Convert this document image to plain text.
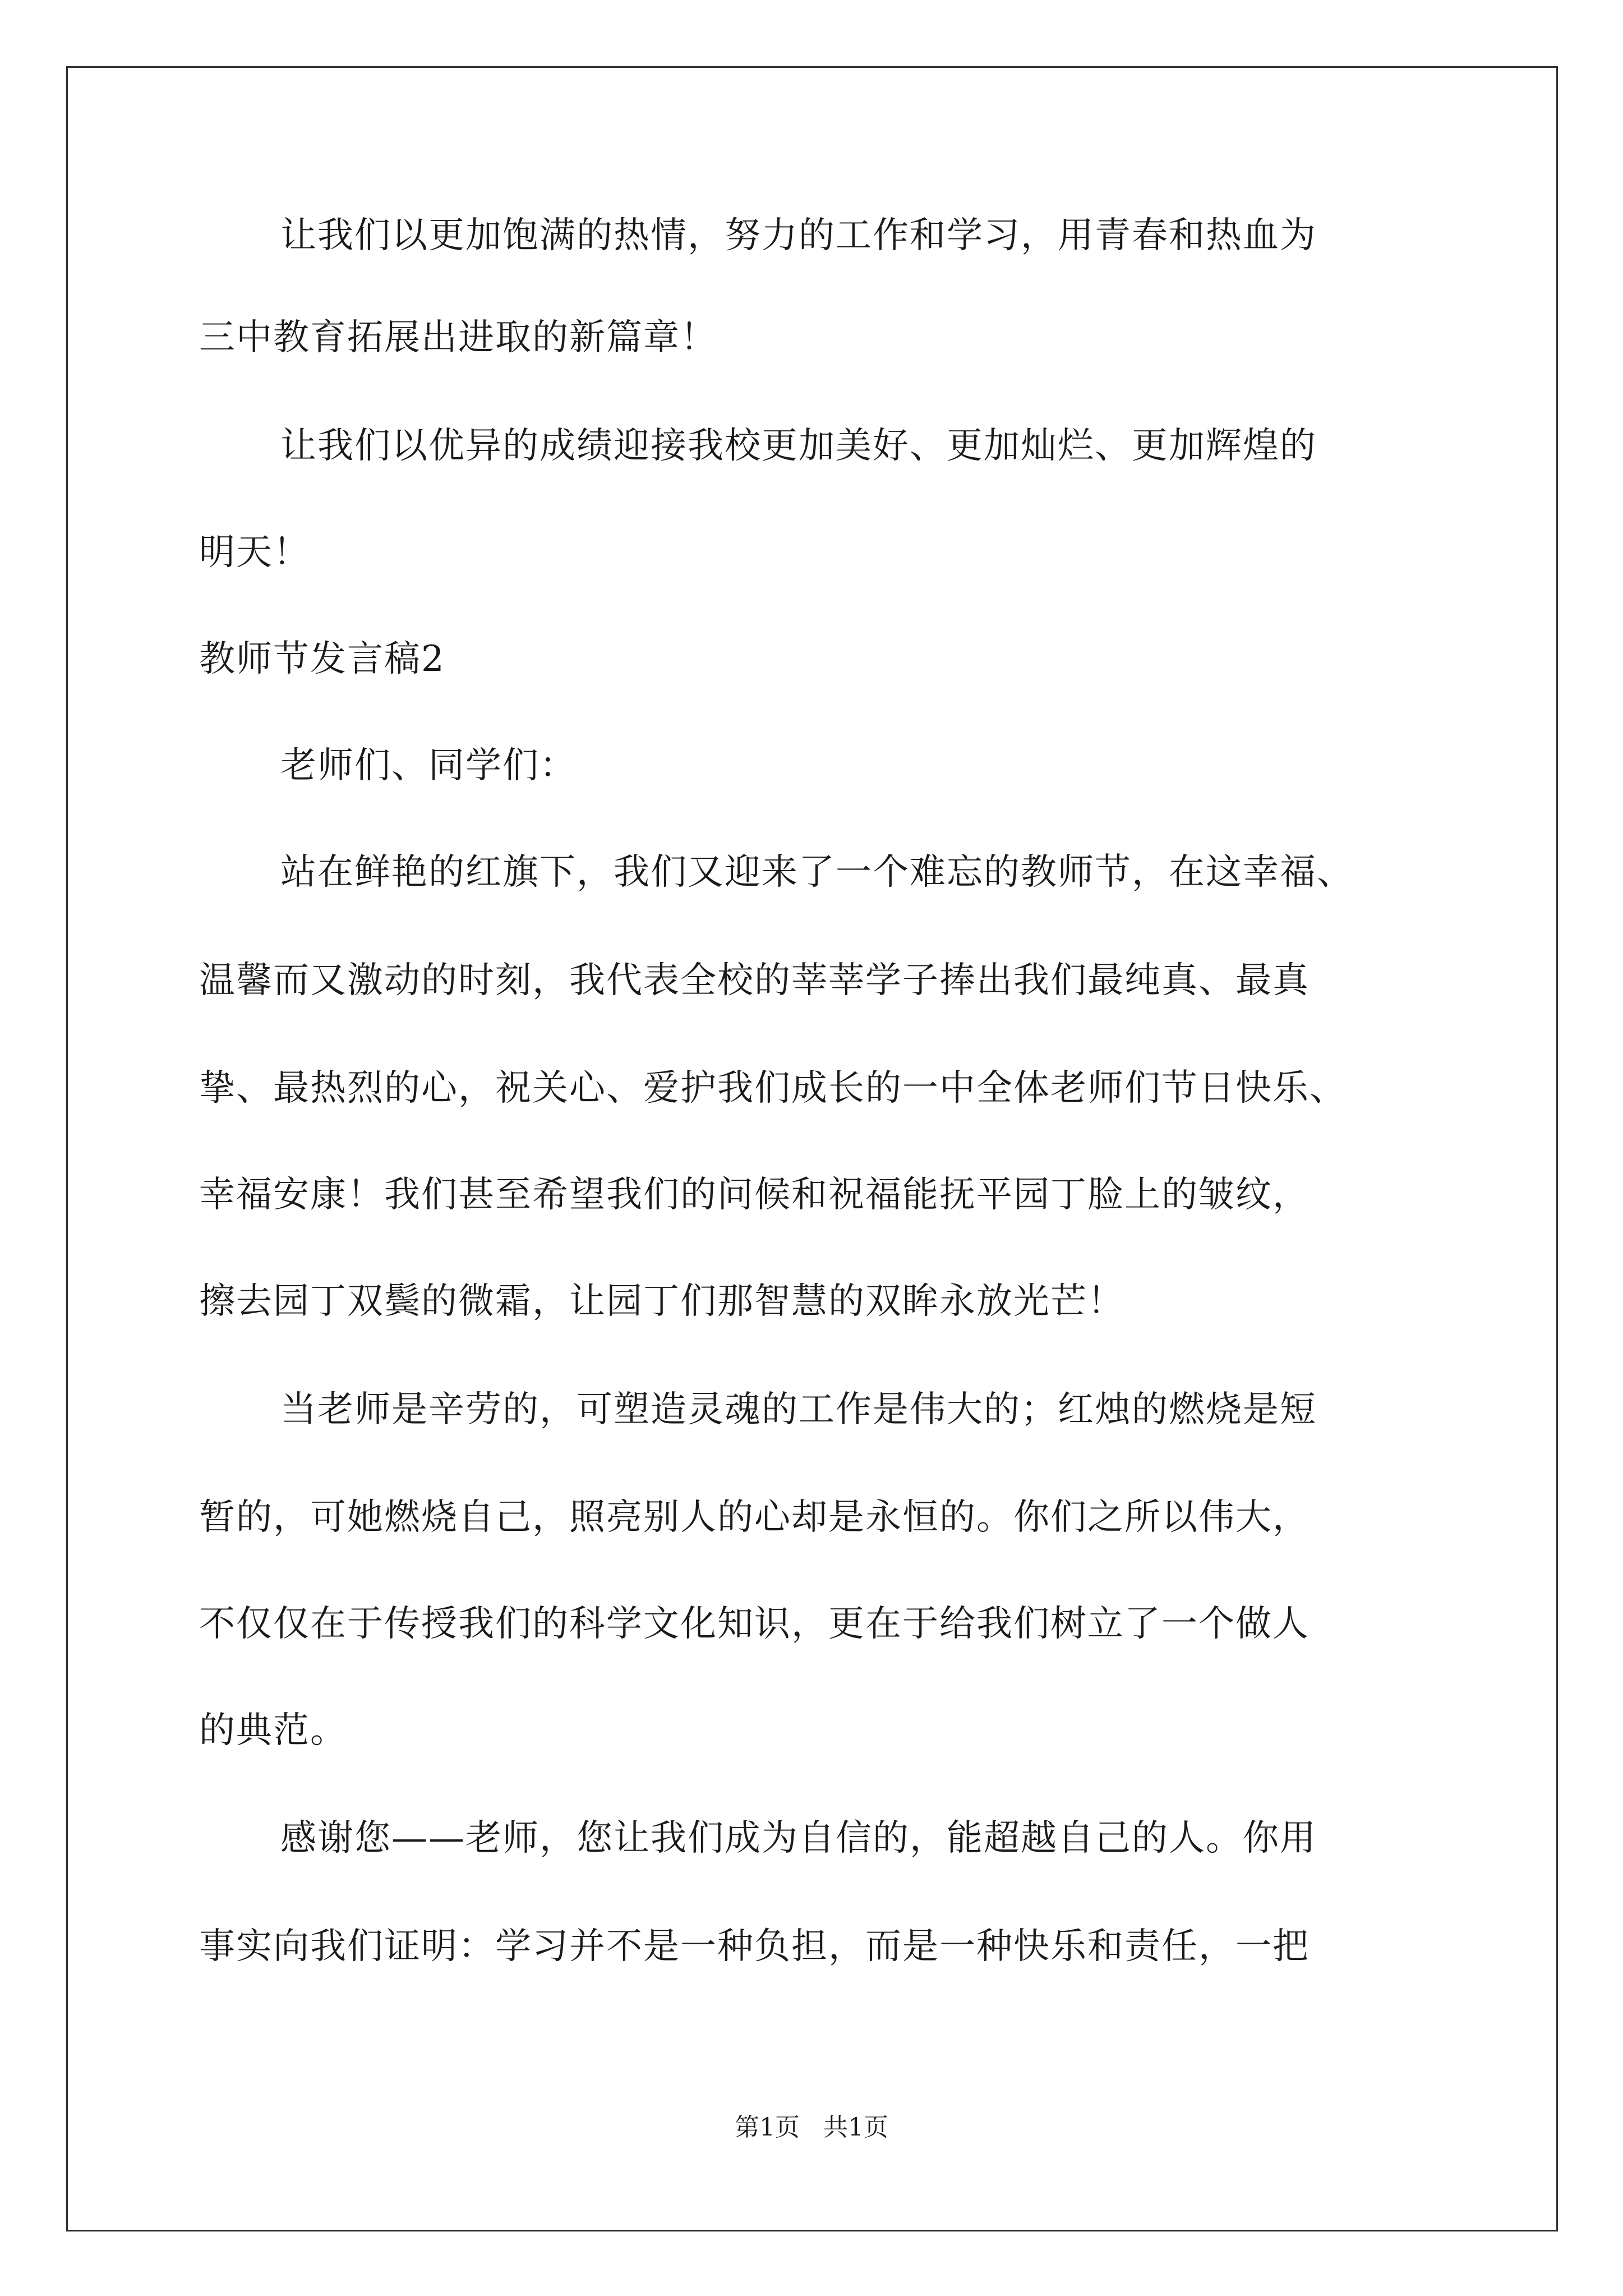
让我们以更加饱满的热情，努力的工作和学习，用青春和热血为
三中教育拓展出进取的新篇章！
让我们以优异的成绩迎接我校更加美好、更加灿烂、更加辉煌的
明天！
教师节发言稿2
老师们、同学们：
站在鲜艳的红旗下，我们又迎来了一个难忘的教师节，在这幸福、
温馨而又激动的时刻，我代表全校的莘莘学子捧出我们最纯真、最真
挚、最热烈的心，祝关心、爱护我们成长的一中全体老师们节日快乐、
幸福安康！我们甚至希望我们的问候和祝福能抚平园丁脸上的皱纹，
擦去园丁双鬓的微霜，让园丁们那智慧的双眸永放光芒！
当老师是辛劳的，可塑造灵魂的工作是伟大的；红烛的燃烧是短
暂的，可她燃烧自己，照亮别人的心却是永恒的。你们之所以伟大，
不仅仅在于传授我们的科学文化知识，更在于给我们树立了一个做人
的典范。
感谢您——老师，您让我们成为自信的，能超越自己的人。你用
事实向我们证明：学习并不是一种负担，而是一种快乐和责任，一把
第1页   共1页
